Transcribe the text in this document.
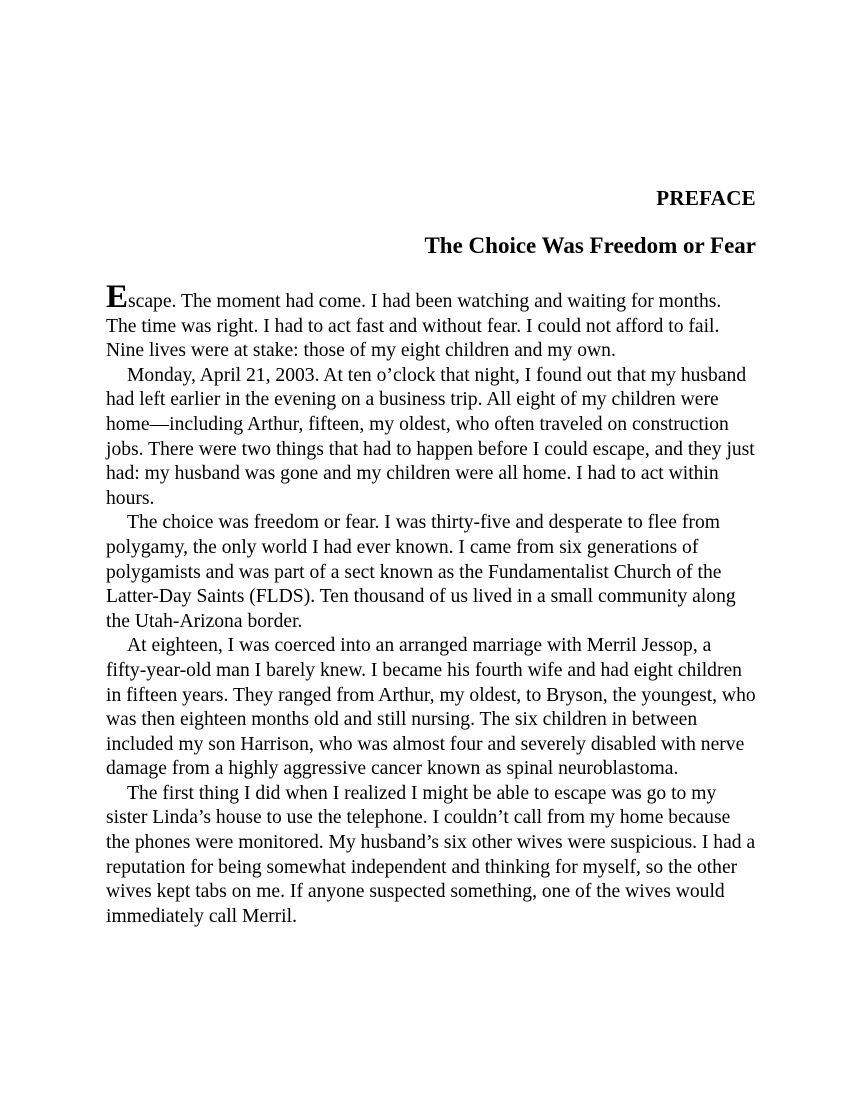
PREFACE
The Choice Was Freedom or Fear

Escape. The moment had come. I had been watching and waiting for months. The time was right. I had to act fast and without fear. I could not afford to fail. Nine lives were at stake: those of my eight children and my own.

Monday, April 21, 2003. At ten o’clock that night, I found out that my husband had left earlier in the evening on a business trip. All eight of my children were home—including Arthur, fifteen, my oldest, who often traveled on construction jobs. There were two things that had to happen before I could escape, and they just had: my husband was gone and my children were all home. I had to act within hours.

The choice was freedom or fear. I was thirty-five and desperate to flee from polygamy, the only world I had ever known. I came from six generations of polygamists and was part of a sect known as the Fundamentalist Church of the Latter-Day Saints (FLDS). Ten thousand of us lived in a small community along the Utah-Arizona border.

At eighteen, I was coerced into an arranged marriage with Merril Jessop, a fifty-year-old man I barely knew. I became his fourth wife and had eight children in fifteen years. They ranged from Arthur, my oldest, to Bryson, the youngest, who was then eighteen months old and still nursing. The six children in between included my son Harrison, who was almost four and severely disabled with nerve damage from a highly aggressive cancer known as spinal neuroblastoma.

The first thing I did when I realized I might be able to escape was go to my sister Linda’s house to use the telephone. I couldn’t call from my home because the phones were monitored. My husband’s six other wives were suspicious. I had a reputation for being somewhat independent and thinking for myself, so the other wives kept tabs on me. If anyone suspected something, one of the wives would immediately call Merril.
